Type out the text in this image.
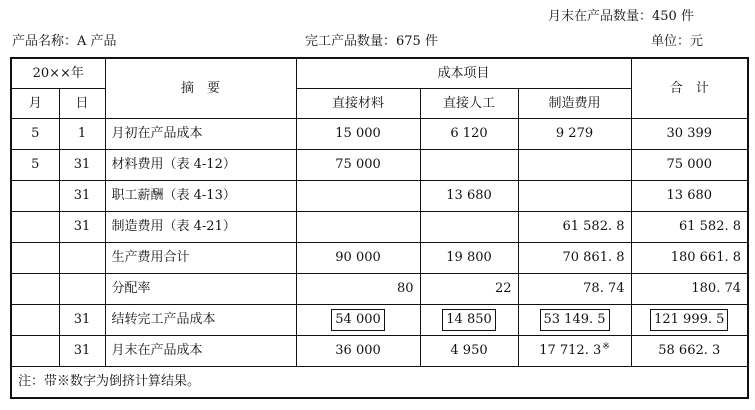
月末在产品数量：450 件
产品名称：A 产品	完工产品数量：675 件	单位：元
20××年		摘　要	成本项目			合　计
月	日		直接材料	直接人工	制造费用	
5	1	月初在产品成本	15 000	6 120	9 279	30 399
5	31	材料费用（表 4-12）	75 000			75 000
	31	职工薪酬（表 4-13）		13 680		13 680
	31	制造费用（表 4-21）			61 582. 8	61 582. 8
		生产费用合计	90 000	19 800	70 861. 8	180 661. 8
		分配率	80	22	78. 74	180. 74
	31	结转完工产品成本	54 000	14 850	53 149. 5	121 999. 5
	31	月末在产品成本	36 000	4 950	17 712. 3※	58 662. 3
注：带※数字为倒挤计算结果。						
